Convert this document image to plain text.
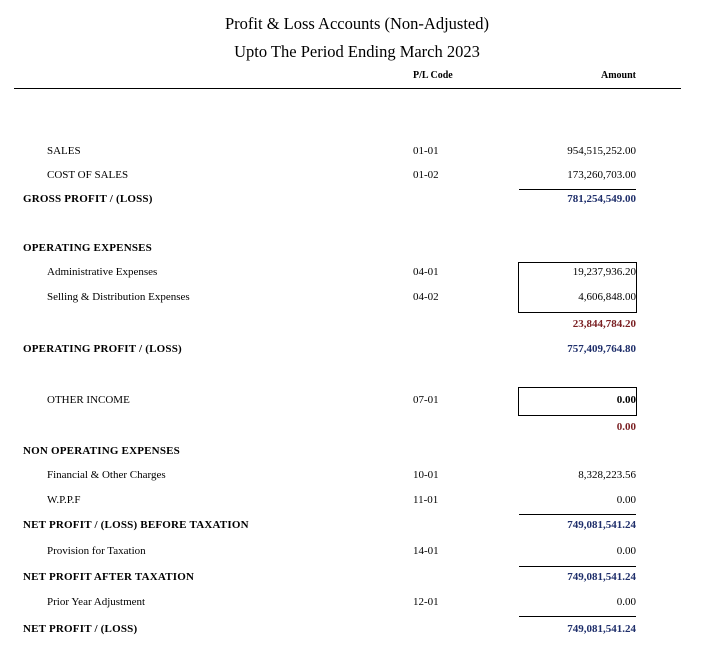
Profit & Loss Accounts (Non-Adjusted)
Upto The Period Ending March 2023
P/L Code	Amount
SALES	01-01	954,515,252.00
COST OF SALES	01-02	173,260,703.00
GROSS PROFIT / (LOSS)	781,254,549.00
OPERATING EXPENSES
Administrative Expenses	04-01	19,237,936.20
Selling & Distribution Expenses	04-02	4,606,848.00
23,844,784.20
OPERATING PROFIT / (LOSS)	757,409,764.80
OTHER INCOME	07-01	0.00
0.00
NON OPERATING EXPENSES
Financial & Other Charges	10-01	8,328,223.56
W.P.P.F	11-01	0.00
NET PROFIT / (LOSS) BEFORE TAXATION	749,081,541.24
Provision for Taxation	14-01	0.00
NET PROFIT AFTER TAXATION	749,081,541.24
Prior Year Adjustment	12-01	0.00
NET PROFIT / (LOSS)	749,081,541.24
